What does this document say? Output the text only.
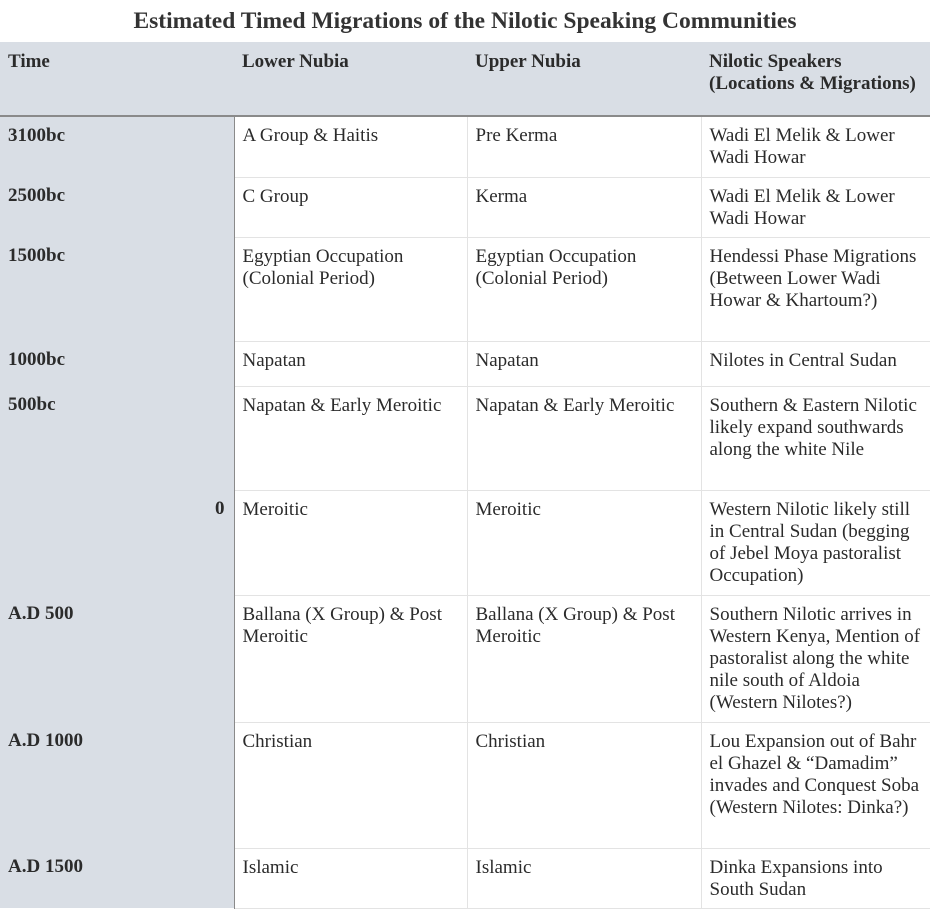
Estimated Timed Migrations of the Nilotic Speaking Communities
Time	Lower Nubia	Upper Nubia	Nilotic Speakers (Locations & Migrations)
3100bc	A Group & Haitis	Pre Kerma	Wadi El Melik & Lower Wadi Howar
2500bc	C Group	Kerma	Wadi El Melik & Lower Wadi Howar
1500bc	Egyptian Occupation (Colonial Period)	Egyptian Occupation (Colonial Period)	Hendessi Phase Migrations (Between Lower Wadi Howar & Khartoum?)
1000bc	Napatan	Napatan	Nilotes in Central Sudan
500bc	Napatan & Early Meroitic	Napatan & Early Meroitic	Southern & Eastern Nilotic likely expand southwards along the white Nile
0	Meroitic	Meroitic	Western Nilotic likely still in Central Sudan (begging of Jebel Moya pastoralist Occupation)
A.D 500	Ballana (X Group) & Post Meroitic	Ballana (X Group) & Post Meroitic	Southern Nilotic arrives in Western Kenya, Mention of pastoralist along the white nile south of Aldoia (Western Nilotes?)
A.D 1000	Christian	Christian	Lou Expansion out of Bahr el Ghazel & “Damadim” invades and Conquest Soba (Western Nilotes: Dinka?)
A.D 1500	Islamic	Islamic	Dinka Expansions into South Sudan
